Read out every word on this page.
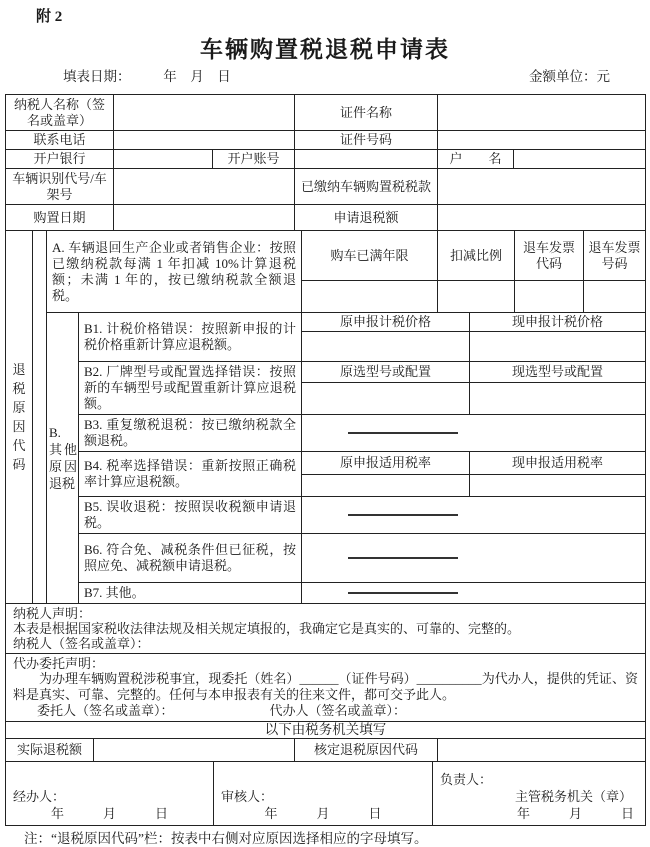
附 2
车辆购置税退税申请表
填表日期： 年　月　日	金额单位：元
纳税人名称（签名或盖章）			证件名称		
联系电话			证件号码		
开户银行		开户账号		户　　名	
车辆识别代号/车架号			已缴纳车辆购置税税款		
购置日期			申请退税额		
退税原因代码		A. 车辆退回生产企业或者销售企业：按照已缴纳税款每满 1 年扣减 10%计算退税额；未满 1 年的，按已缴纳税款全额退税。		购车已满年限	扣减比例		退车发票代码	退车发票号码

		B. 其他原因退税	B1. 计税价格错误：按照新申报的计税价格重新计算应退税额。	原申报计税价格		现申报计税价格		

			B2. 厂牌型号或配置选择错误：按照新的车辆型号或配置重新计算应退税额。	原选型号或配置		现选型号或配置		

			B3. 重复缴税退税：按已缴纳税款全额退税。					

			B4. 税率选择错误：重新按照正确税率计算应退税额。	原申报适用税率		现申报适用税率		

			B5. 误收退税：按照误收税额申请退税。					

			B6. 符合免、减税条件但已征税，按照应免、减税额申请退税。					

			B7. 其他。					
纳税人声明：
本表是根据国家税收法律法规及相关规定填报的，我确定它是真实的、可靠的、完整的。
纳税人（签名或盖章）：

代办委托声明：

为办理车辆购置税涉税事宜，现委托（姓名）______（证件号码）__________为代办人，提供的凭证、资料是真实、可靠、完整的。任何与本申报表有关的往来文件，都可交予此人。

委托人（签名或盖章）：	代办人（签名或盖章）：

以下由税务机关填写
实际退税额		核定退税原因代码	
经办人：
年　　　月　　　日

审核人：
年　　　月　　　日

负责人：
主管税务机关（章）
年　　　月　　　日
注：“退税原因代码”栏：按表中右侧对应原因选择相应的字母填写。
